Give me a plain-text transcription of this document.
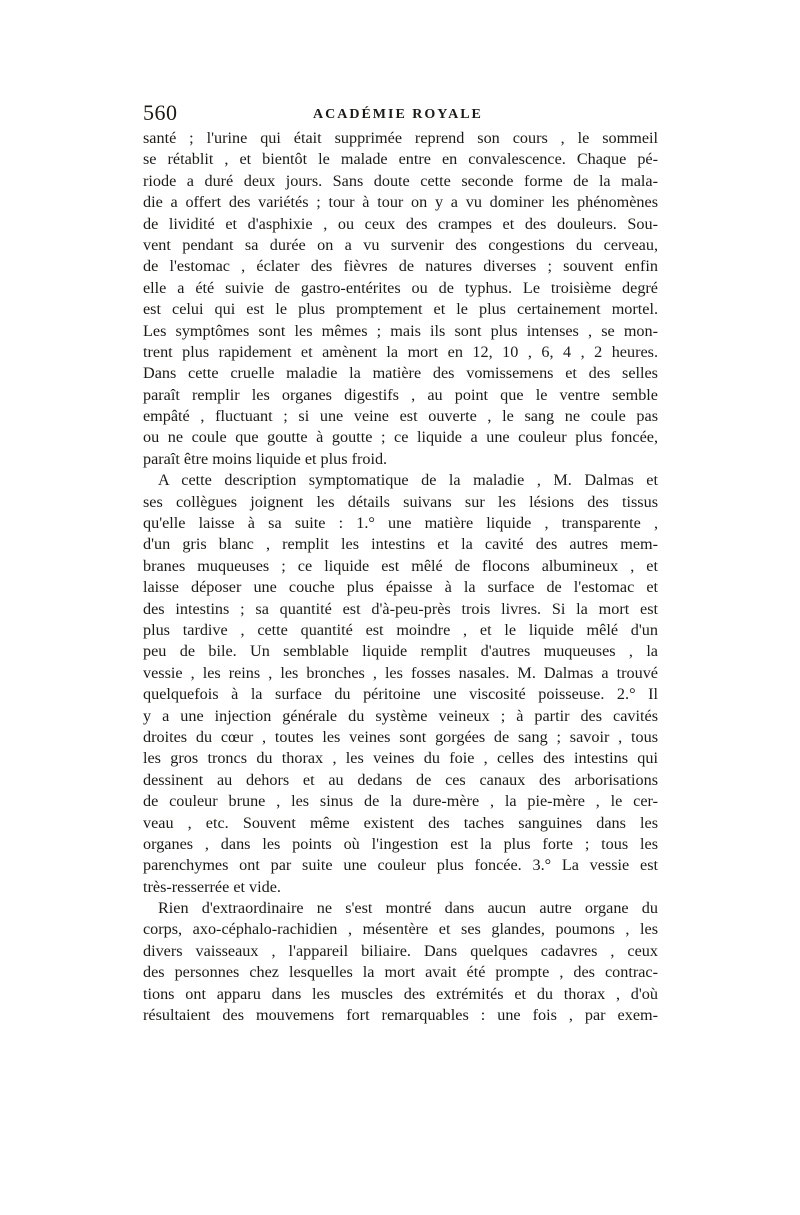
560	ACADÉMIE ROYALE
santé ; l'urine qui était supprimée reprend son cours , le sommeil
se rétablit , et bientôt le malade entre en convalescence. Chaque pé-
riode a duré deux jours. Sans doute cette seconde forme de la mala-
die a offert des variétés ; tour à tour on y a vu dominer les phénomènes
de lividité et d'asphixie , ou ceux des crampes et des douleurs. Sou-
vent pendant sa durée on a vu survenir des congestions du cerveau,
de l'estomac , éclater des fièvres de natures diverses ; souvent enfin
elle a été suivie de gastro-entérites ou de typhus. Le troisième degré
est celui qui est le plus promptement et le plus certainement mortel.
Les symptômes sont les mêmes ; mais ils sont plus intenses , se mon-
trent plus rapidement et amènent la mort en 12, 10 , 6, 4 , 2 heures.
Dans cette cruelle maladie la matière des vomissemens et des selles
paraît remplir les organes digestifs , au point que le ventre semble
empâté , fluctuant ; si une veine est ouverte , le sang ne coule pas
ou ne coule que goutte à goutte ; ce liquide a une couleur plus foncée,
paraît être moins liquide et plus froid.
A cette description symptomatique de la maladie , M. Dalmas et
ses collègues joignent les détails suivans sur les lésions des tissus
qu'elle laisse à sa suite : 1.° une matière liquide , transparente ,
d'un gris blanc , remplit les intestins et la cavité des autres mem-
branes muqueuses ; ce liquide est mêlé de flocons albumineux , et
laisse déposer une couche plus épaisse à la surface de l'estomac et
des intestins ; sa quantité est d'à-peu-près trois livres. Si la mort est
plus tardive , cette quantité est moindre , et le liquide mêlé d'un
peu de bile. Un semblable liquide remplit d'autres muqueuses , la
vessie , les reins , les bronches , les fosses nasales. M. Dalmas a trouvé
quelquefois à la surface du péritoine une viscosité poisseuse. 2.° Il
y a une injection générale du système veineux ; à partir des cavités
droites du cœur , toutes les veines sont gorgées de sang ; savoir , tous
les gros troncs du thorax , les veines du foie , celles des intestins qui
dessinent au dehors et au dedans de ces canaux des arborisations
de couleur brune , les sinus de la dure-mère , la pie-mère , le cer-
veau , etc. Souvent même existent des taches sanguines dans les
organes , dans les points où l'ingestion est la plus forte ; tous les
parenchymes ont par suite une couleur plus foncée. 3.° La vessie est
très-resserrée et vide.
Rien d'extraordinaire ne s'est montré dans aucun autre organe du
corps, axo-céphalo-rachidien , mésentère et ses glandes, poumons , les
divers vaisseaux , l'appareil biliaire. Dans quelques cadavres , ceux
des personnes chez lesquelles la mort avait été prompte , des contrac-
tions ont apparu dans les muscles des extrémités et du thorax , d'où
résultaient des mouvemens fort remarquables : une fois , par exem-
